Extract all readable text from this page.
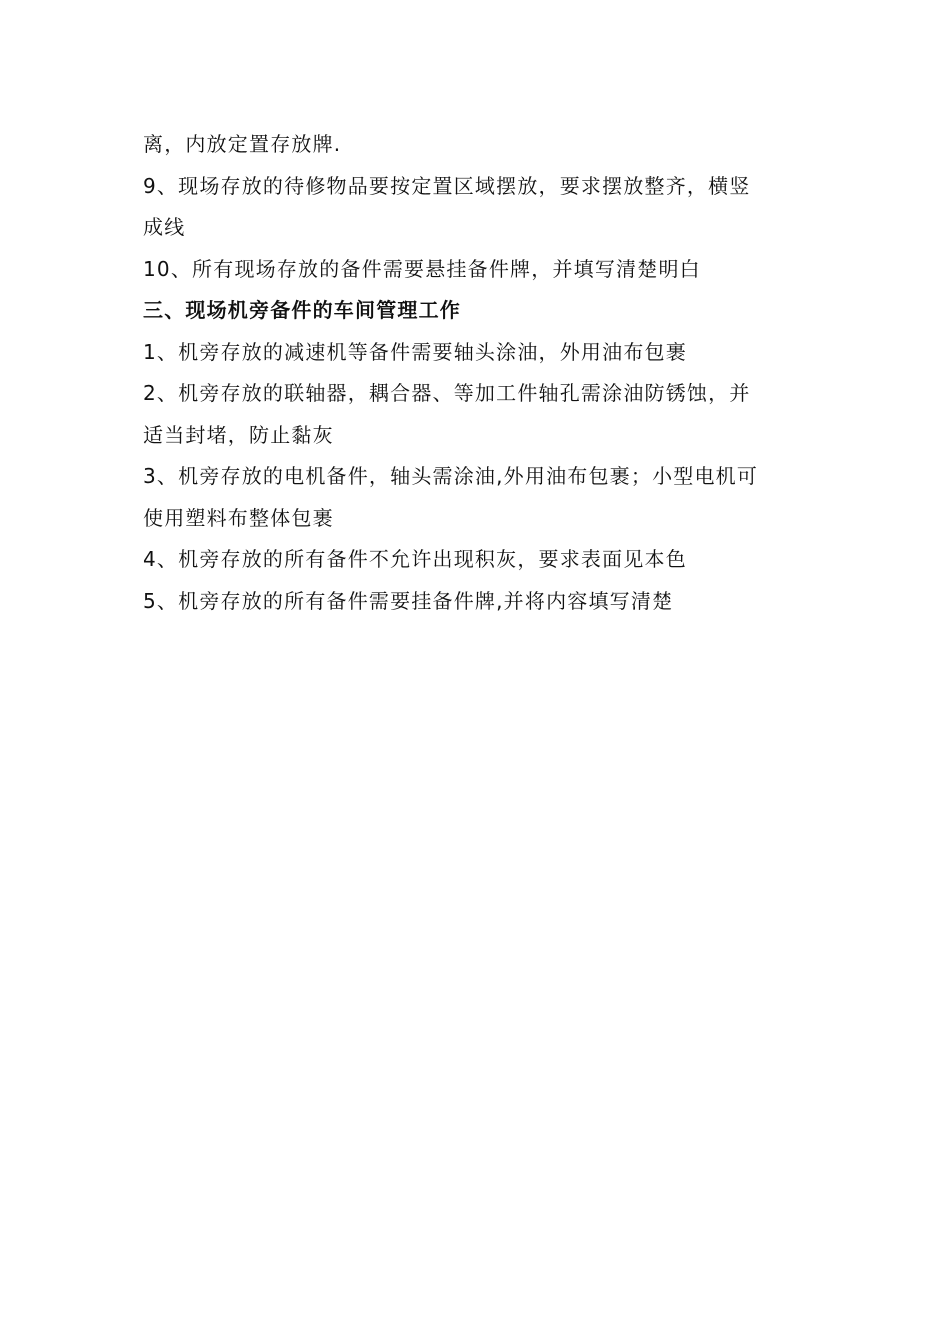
离，内放定置存放牌.
9、现场存放的待修物品要按定置区域摆放，要求摆放整齐，横竖
成线
10、所有现场存放的备件需要悬挂备件牌，并填写清楚明白
三、现场机旁备件的车间管理工作
1、机旁存放的减速机等备件需要轴头涂油，外用油布包裹
2、机旁存放的联轴器，耦合器、等加工件轴孔需涂油防锈蚀，并
适当封堵，防止黏灰
3、机旁存放的电机备件，轴头需涂油,外用油布包裹；小型电机可
使用塑料布整体包裹
4、机旁存放的所有备件不允许出现积灰，要求表面见本色
5、机旁存放的所有备件需要挂备件牌,并将内容填写清楚
